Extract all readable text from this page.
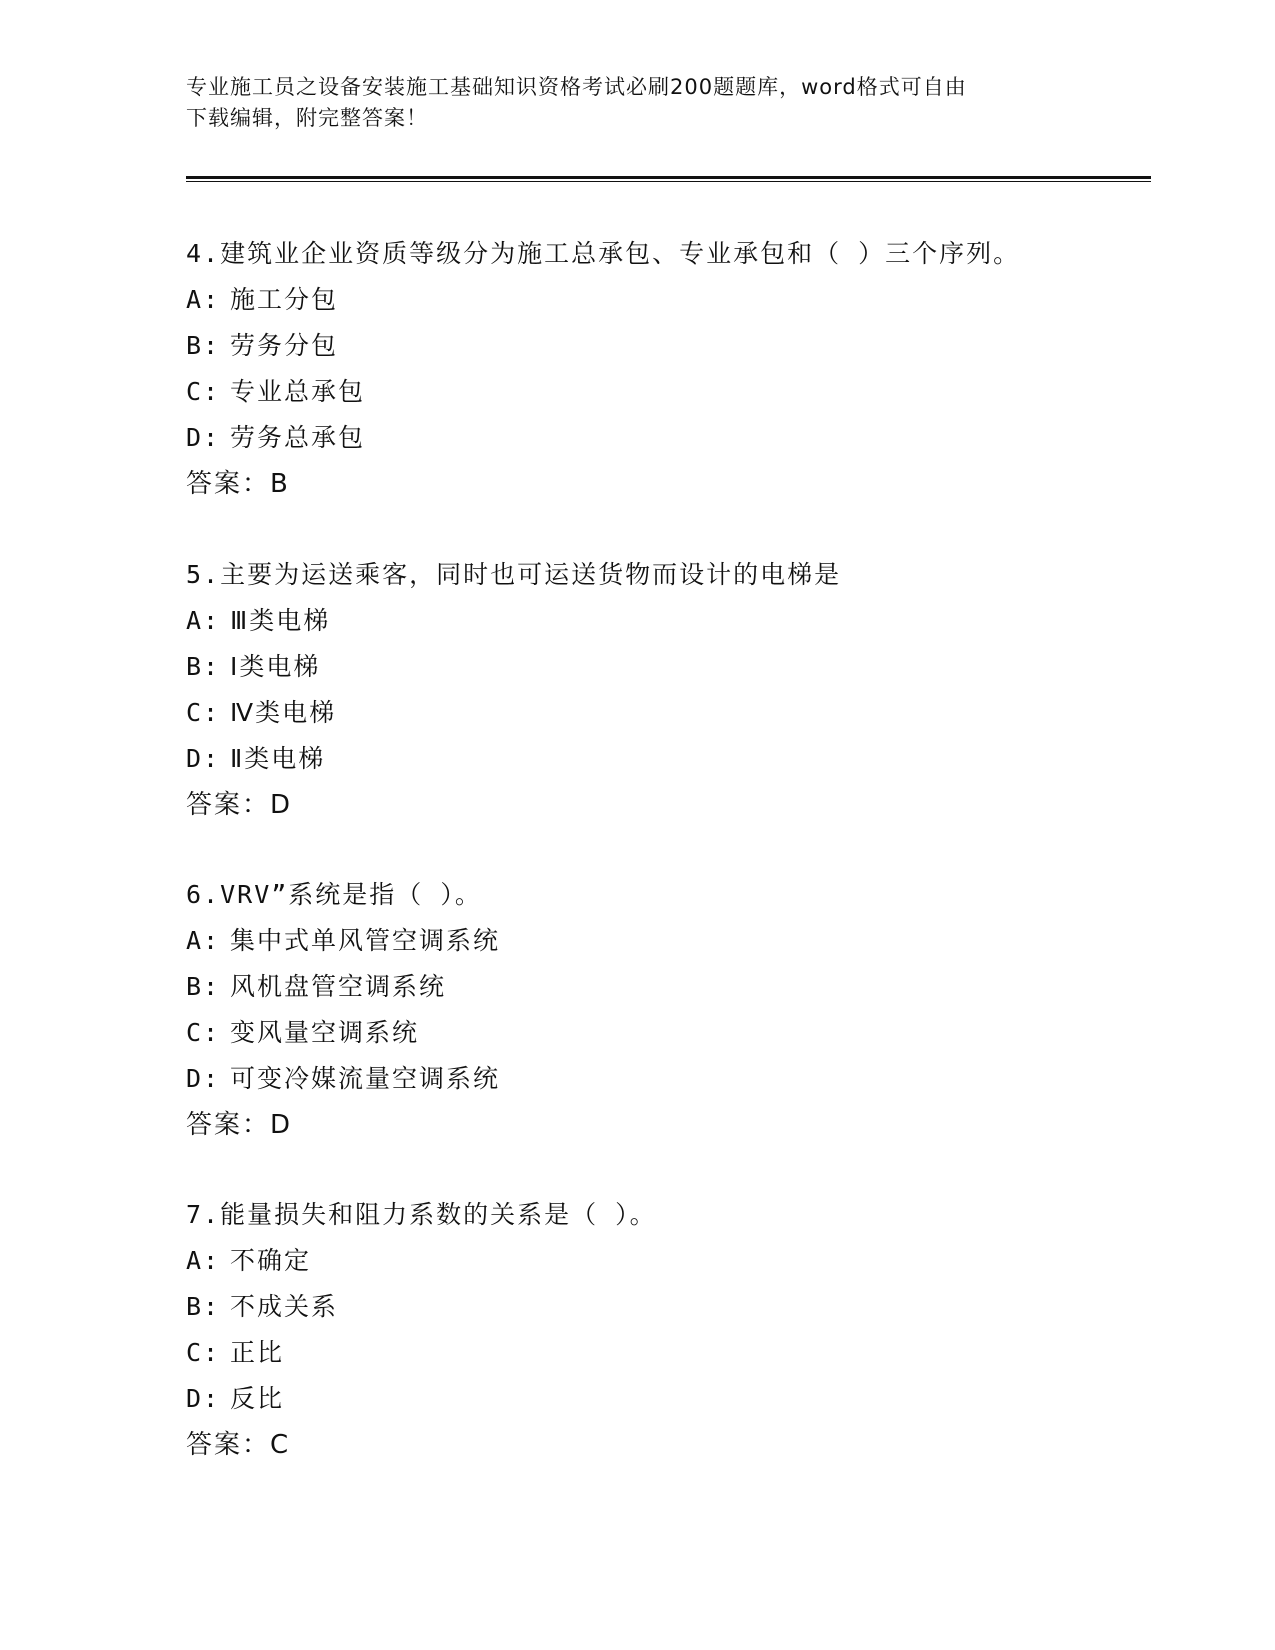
专业施工员之设备安装施工基础知识资格考试必刷200题题库，word格式可自由
下载编辑，附完整答案！
4.建筑业企业资质等级分为施工总承包、专业承包和（ ）三个序列。
A: 施工分包
B: 劳务分包
C: 专业总承包
D: 劳务总承包
答案：B
5.主要为运送乘客，同时也可运送货物而设计的电梯是
A: Ⅲ类电梯
B: Ⅰ类电梯
C: Ⅳ类电梯
D: Ⅱ类电梯
答案：D
6.VRV”系统是指（ ）。
A: 集中式单风管空调系统
B: 风机盘管空调系统
C: 变风量空调系统
D: 可变冷媒流量空调系统
答案：D
7.能量损失和阻力系数的关系是（ ）。
A: 不确定
B: 不成关系
C: 正比
D: 反比
答案：C
